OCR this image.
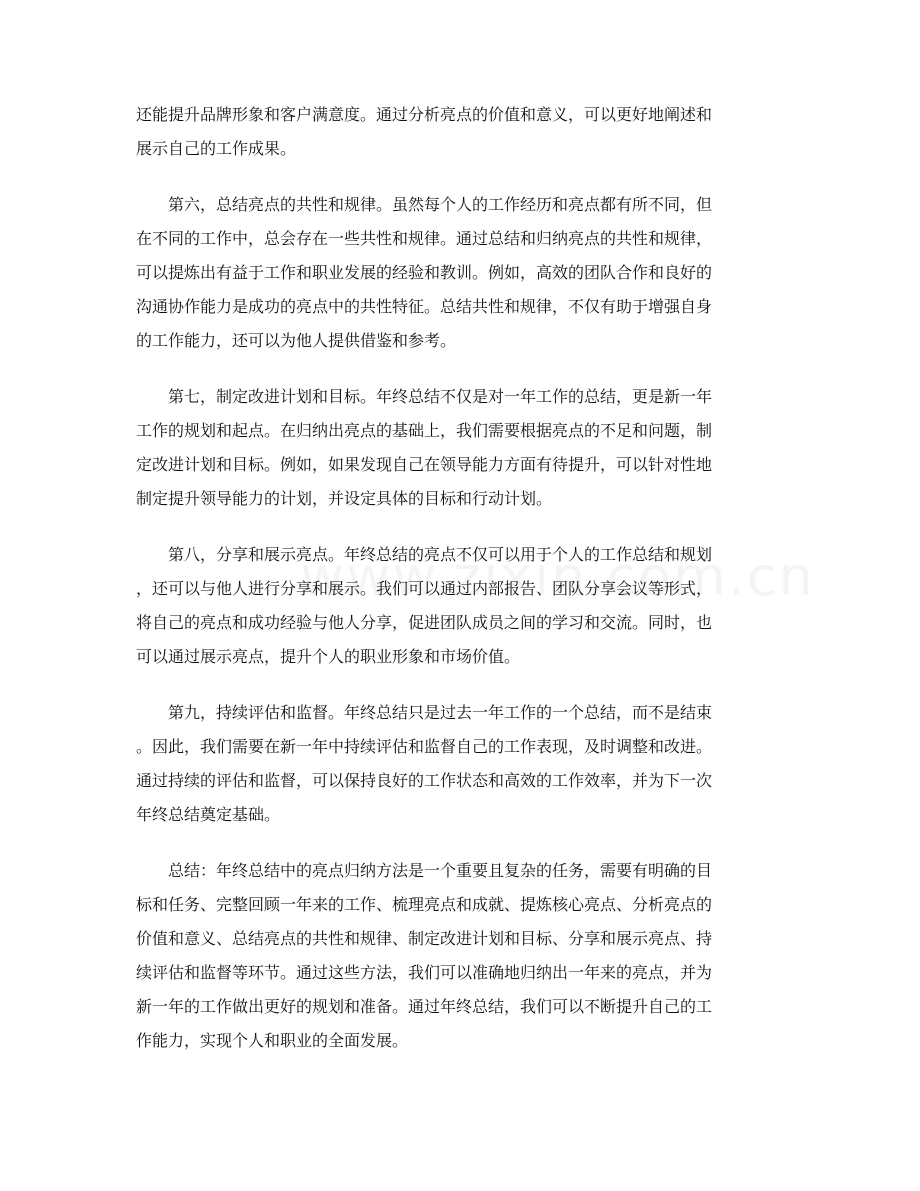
还能提升品牌形象和客户满意度。通过分析亮点的价值和意义，可以更好地阐述和
展示自己的工作成果。

　　第六，总结亮点的共性和规律。虽然每个人的工作经历和亮点都有所不同，但
在不同的工作中，总会存在一些共性和规律。通过总结和归纳亮点的共性和规律，
可以提炼出有益于工作和职业发展的经验和教训。例如，高效的团队合作和良好的
沟通协作能力是成功的亮点中的共性特征。总结共性和规律，不仅有助于增强自身
的工作能力，还可以为他人提供借鉴和参考。

　　第七，制定改进计划和目标。年终总结不仅是对一年工作的总结，更是新一年
工作的规划和起点。在归纳出亮点的基础上，我们需要根据亮点的不足和问题，制
定改进计划和目标。例如，如果发现自己在领导能力方面有待提升，可以针对性地
制定提升领导能力的计划，并设定具体的目标和行动计划。

　　第八，分享和展示亮点。年终总结的亮点不仅可以用于个人的工作总结和规划
，还可以与他人进行分享和展示。我们可以通过内部报告、团队分享会议等形式，
将自己的亮点和成功经验与他人分享，促进团队成员之间的学习和交流。同时，也
可以通过展示亮点，提升个人的职业形象和市场价值。

　　第九，持续评估和监督。年终总结只是过去一年工作的一个总结，而不是结束
。因此，我们需要在新一年中持续评估和监督自己的工作表现，及时调整和改进。
通过持续的评估和监督，可以保持良好的工作状态和高效的工作效率，并为下一次
年终总结奠定基础。

　　总结：年终总结中的亮点归纳方法是一个重要且复杂的任务，需要有明确的目
标和任务、完整回顾一年来的工作、梳理亮点和成就、提炼核心亮点、分析亮点的
价值和意义、总结亮点的共性和规律、制定改进计划和目标、分享和展示亮点、持
续评估和监督等环节。通过这些方法，我们可以准确地归纳出一年来的亮点，并为
新一年的工作做出更好的规划和准备。通过年终总结，我们可以不断提升自己的工
作能力，实现个人和职业的全面发展。
